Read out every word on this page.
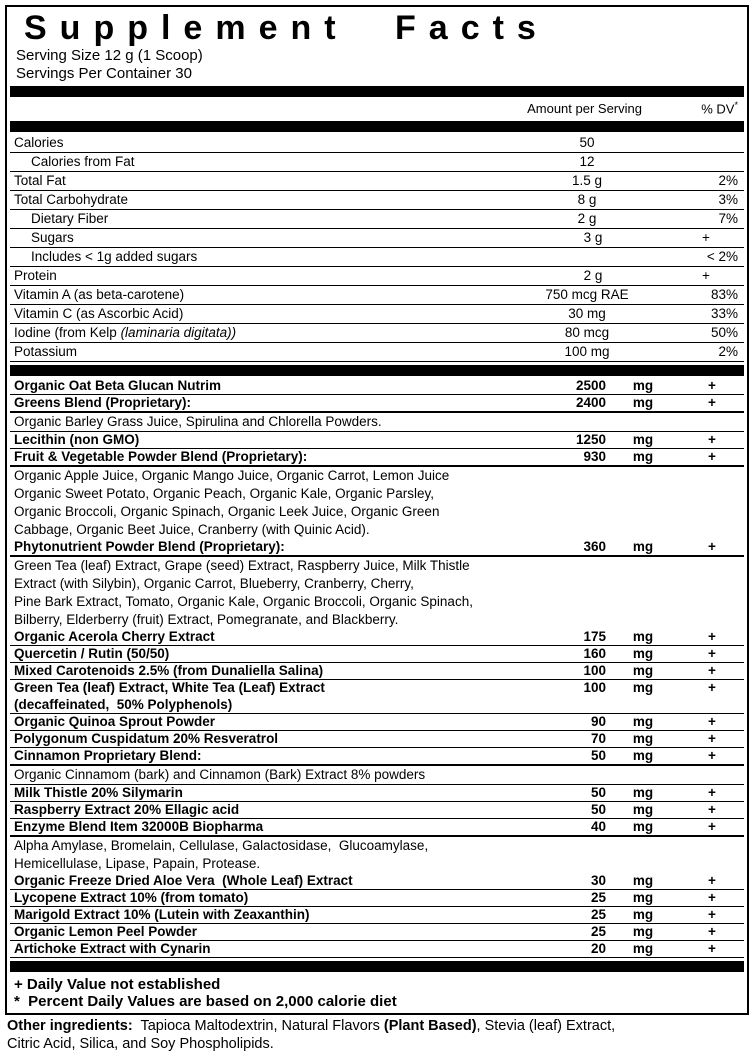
Supplement Facts
Serving Size 12 g (1 Scoop)
Servings Per Container 30
Amount per Serving	% DV*
Calories	50
Calories from Fat	12
Total Fat	1.5 g	2%
Total Carbohydrate	8 g	3%
Dietary Fiber	2 g	7%
Sugars	3 g	+
Includes < 1g added sugars	< 2%
Protein	2 g	+
Vitamin A (as beta-carotene)	750 mcg RAE	83%
Vitamin C (as Ascorbic Acid)	30 mg	33%
Iodine (from Kelp (laminaria digitata))	80 mcg	50%
Potassium	100 mg	2%
Organic Oat Beta Glucan Nutrim	2500	mg	+
Greens Blend (Proprietary):	2400	mg	+
Organic Barley Grass Juice, Spirulina and Chlorella Powders.
Lecithin (non GMO)	1250	mg	+
Fruit & Vegetable Powder Blend (Proprietary):	930	mg	+
Organic Apple Juice, Organic Mango Juice, Organic Carrot, Lemon Juice
Organic Sweet Potato, Organic Peach, Organic Kale, Organic Parsley,
Organic Broccoli, Organic Spinach, Organic Leek Juice, Organic Green
Cabbage, Organic Beet Juice, Cranberry (with Quinic Acid).
Phytonutrient Powder Blend (Proprietary):	360	mg	+
Green Tea (leaf) Extract, Grape (seed) Extract, Raspberry Juice, Milk Thistle
Extract (with Silybin), Organic Carrot, Blueberry, Cranberry, Cherry,
Pine Bark Extract, Tomato, Organic Kale, Organic Broccoli, Organic Spinach,
Bilberry, Elderberry (fruit) Extract, Pomegranate, and Blackberry.
Organic Acerola Cherry Extract	175	mg	+
Quercetin / Rutin (50/50)	160	mg	+
Mixed Carotenoids 2.5% (from Dunaliella Salina)	100	mg	+
Green Tea (leaf) Extract, White Tea (Leaf) Extract
(decaffeinated,  50% Polyphenols)
100	mg	+
Organic Quinoa Sprout Powder	90	mg	+
Polygonum Cuspidatum 20% Resveratrol	70	mg	+
Cinnamon Proprietary Blend:	50	mg	+
Organic Cinnamom (bark) and Cinnamon (Bark) Extract 8% powders
Milk Thistle 20% Silymarin	50	mg	+
Raspberry Extract 20% Ellagic acid	50	mg	+
Enzyme Blend Item 32000B Biopharma	40	mg	+
Alpha Amylase, Bromelain, Cellulase, Galactosidase,  Glucoamylase,
Hemicellulase, Lipase, Papain, Protease.
Organic Freeze Dried Aloe Vera  (Whole Leaf) Extract	30	mg	+
Lycopene Extract 10% (from tomato)	25	mg	+
Marigold Extract 10% (Lutein with Zeaxanthin)	25	mg	+
Organic Lemon Peel Powder	25	mg	+
Artichoke Extract with Cynarin	20	mg	+
+ Daily Value not established
*  Percent Daily Values are based on 2,000 calorie diet
Other ingredients:  Tapioca Maltodextrin, Natural Flavors (Plant Based), Stevia (leaf) Extract,
Citric Acid, Silica, and Soy Phospholipids.
